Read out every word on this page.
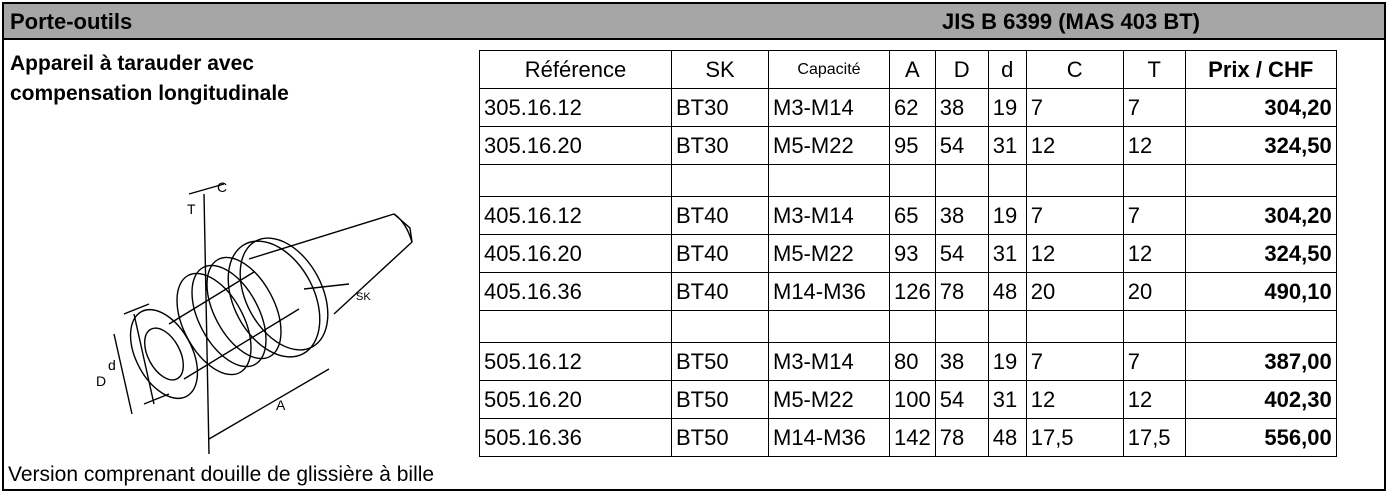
Porte-outils	JIS B 6399 (MAS 403 BT)
Appareil à tarauder avec
compensation longitudinale
T
C
SK
D
d
A
Version comprenant douille de glissière à bille
Référence	SK	Capacité	A	D	d	C	T	Prix / CHF
305.16.12	BT30	M3-M14	62	38	19	7	7	304,20
305.16.20	BT30	M5-M22	95	54	31	12	12	324,50

405.16.12	BT40	M3-M14	65	38	19	7	7	304,20
405.16.20	BT40	M5-M22	93	54	31	12	12	324,50
405.16.36	BT40	M14-M36	126	78	48	20	20	490,10

505.16.12	BT50	M3-M14	80	38	19	7	7	387,00
505.16.20	BT50	M5-M22	100	54	31	12	12	402,30
505.16.36	BT50	M14-M36	142	78	48	17,5	17,5	556,00
